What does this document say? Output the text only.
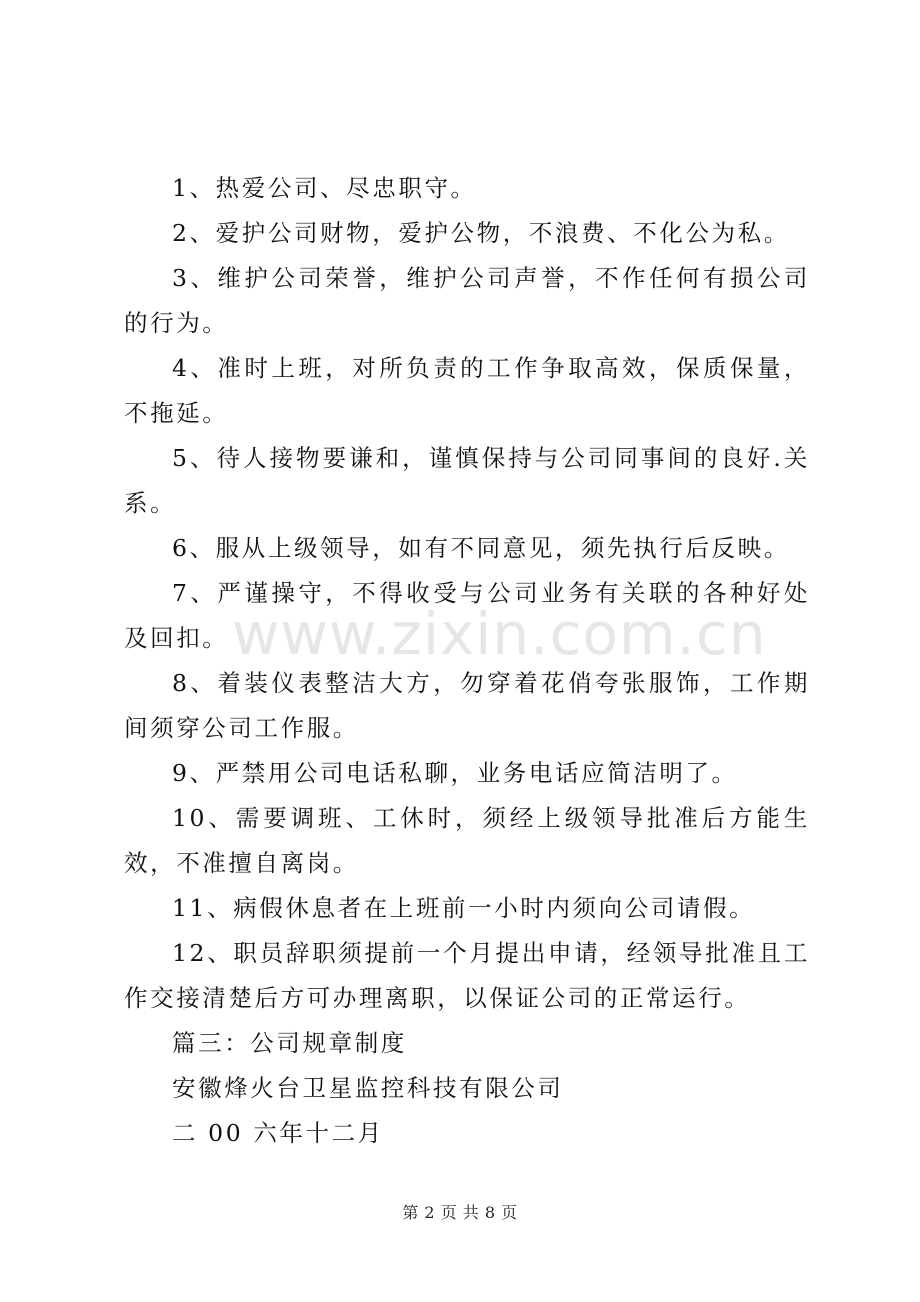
www.zixin.com.cn

1、热爱公司、尽忠职守。

2、爱护公司财物，爱护公物，不浪费、不化公为私。

3、维护公司荣誉，维护公司声誉，不作任何有损公司的行为。

4、准时上班，对所负责的工作争取高效，保质保量，不拖延。

5、待人接物要谦和，谨慎保持与公司同事间的良好.关系。

6、服从上级领导，如有不同意见，须先执行后反映。

7、严谨操守，不得收受与公司业务有关联的各种好处及回扣。

8、着装仪表整洁大方，勿穿着花俏夸张服饰，工作期间须穿公司工作服。

9、严禁用公司电话私聊，业务电话应简洁明了。

10、需要调班、工休时，须经上级领导批准后方能生效，不准擅自离岗。

11、病假休息者在上班前一小时内须向公司请假。

12、职员辞职须提前一个月提出申请，经领导批准且工作交接清楚后方可办理离职，以保证公司的正常运行。

篇三：公司规章制度

安徽烽火台卫星监控科技有限公司

二 00 六年十二月

第 2 页 共 8 页
